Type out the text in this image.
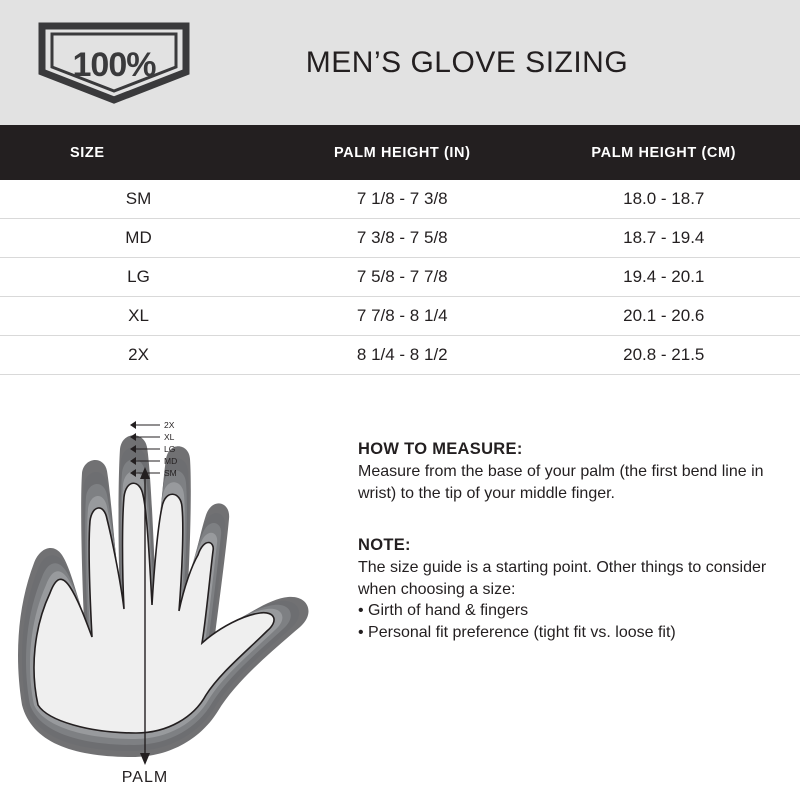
100%	MEN’S GLOVE SIZING
SIZE	PALM HEIGHT (IN)	PALM HEIGHT (CM)
SM	7 1/8 - 7 3/8	18.0 - 18.7
MD	7 3/8 - 7 5/8	18.7 - 19.4
LG	7 5/8 - 7 7/8	19.4 - 20.1
XL	7 7/8 - 8 1/4	20.1 - 20.6
2X	8 1/4 - 8 1/2	20.8 - 21.5
2X
XL
LG
MD
SM
PALM

HOW TO MEASURE:

Measure from the base of your palm (the first bend line in wrist) to the tip of your middle finger.

NOTE:

The size guide is a starting point. Other things to consider when choosing a size:

• Girth of hand & fingers
• Personal fit preference (tight fit vs. loose fit)
